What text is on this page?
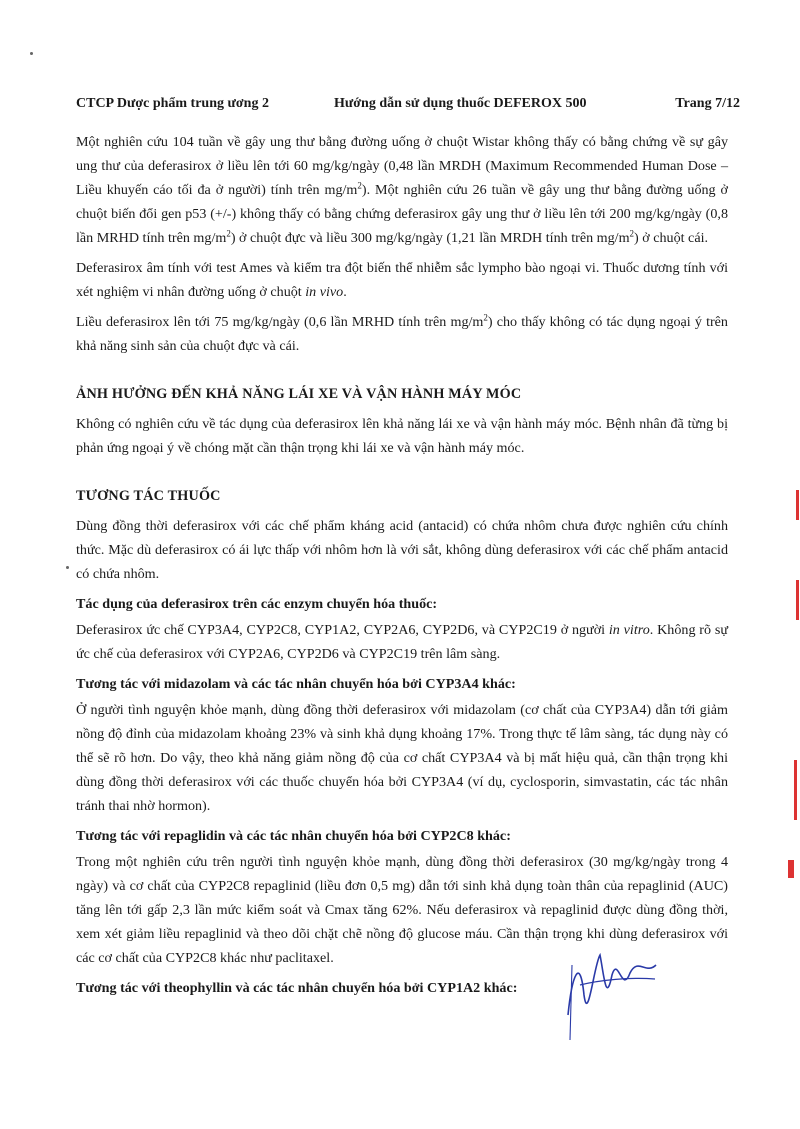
CTCP Dược phẩm trung ương 2	Hướng dẫn sử dụng thuốc DEFEROX 500	Trang 7/12

Một nghiên cứu 104 tuần về gây ung thư bằng đường uống ở chuột Wistar không thấy có bằng chứng về sự gây ung thư của deferasirox ở liều lên tới 60 mg/kg/ngày (0,48 lần MRDH (Maximum Recommended Human Dose – Liều khuyến cáo tối đa ở người) tính trên $mg/m^2$). Một nghiên cứu 26 tuần về gây ung thư bằng đường uống ở chuột biến đổi gen p53 (+/-) không thấy có bằng chứng deferasirox gây ung thư ở liều lên tới 200 mg/kg/ngày (0,8 lần MRHD tính trên $mg/m^2$) ở chuột đực và liều 300 mg/kg/ngày (1,21 lần MRDH tính trên $mg/m^2$) ở chuột cái.

Deferasirox âm tính với test Ames và kiểm tra đột biến thể nhiễm sắc lympho bào ngoại vi. Thuốc dương tính với xét nghiệm vi nhân đường uống ở chuột in vivo.

Liều deferasirox lên tới 75 mg/kg/ngày (0,6 lần MRHD tính trên $mg/m^2$) cho thấy không có tác dụng ngoại ý trên khả năng sinh sản của chuột đực và cái.

ẢNH HƯỞNG ĐẾN KHẢ NĂNG LÁI XE VÀ VẬN HÀNH MÁY MÓC

Không có nghiên cứu về tác dụng của deferasirox lên khả năng lái xe và vận hành máy móc. Bệnh nhân đã từng bị phản ứng ngoại ý về chóng mặt cần thận trọng khi lái xe và vận hành máy móc.

TƯƠNG TÁC THUỐC

Dùng đồng thời deferasirox với các chế phẩm kháng acid (antacid) có chứa nhôm chưa được nghiên cứu chính thức. Mặc dù deferasirox có ái lực thấp với nhôm hơn là với sắt, không dùng deferasirox với các chế phẩm antacid có chứa nhôm.

Tác dụng của deferasirox trên các enzym chuyển hóa thuốc:

Deferasirox ức chế CYP3A4, CYP2C8, CYP1A2, CYP2A6, CYP2D6, và CYP2C19 ở người in vitro. Không rõ sự ức chế của deferasirox với CYP2A6, CYP2D6 và CYP2C19 trên lâm sàng.

Tương tác với midazolam và các tác nhân chuyển hóa bởi CYP3A4 khác:

Ở người tình nguyện khỏe mạnh, dùng đồng thời deferasirox với midazolam (cơ chất của CYP3A4) dẫn tới giảm nồng độ đỉnh của midazolam khoảng 23% và sinh khả dụng khoảng 17%. Trong thực tế lâm sàng, tác dụng này có thể sẽ rõ hơn. Do vậy, theo khả năng giảm nồng độ của cơ chất CYP3A4 và bị mất hiệu quả, cần thận trọng khi dùng đồng thời deferasirox với các thuốc chuyển hóa bởi CYP3A4 (ví dụ, cyclosporin, simvastatin, các tác nhân tránh thai nhờ hormon).

Tương tác với repaglidin và các tác nhân chuyển hóa bởi CYP2C8 khác:

Trong một nghiên cứu trên người tình nguyện khỏe mạnh, dùng đồng thời deferasirox (30 mg/kg/ngày trong 4 ngày) và cơ chất của CYP2C8 repaglinid (liều đơn 0,5 mg) dẫn tới sinh khả dụng toàn thân của repaglinid (AUC) tăng lên tới gấp 2,3 lần mức kiểm soát và Cmax tăng 62%. Nếu deferasirox và repaglinid được dùng đồng thời, xem xét giảm liều repaglinid và theo dõi chặt chẽ nồng độ glucose máu. Cần thận trọng khi dùng deferasirox với các cơ chất của CYP2C8 khác như paclitaxel.

Tương tác với theophyllin và các tác nhân chuyển hóa bởi CYP1A2 khác:
